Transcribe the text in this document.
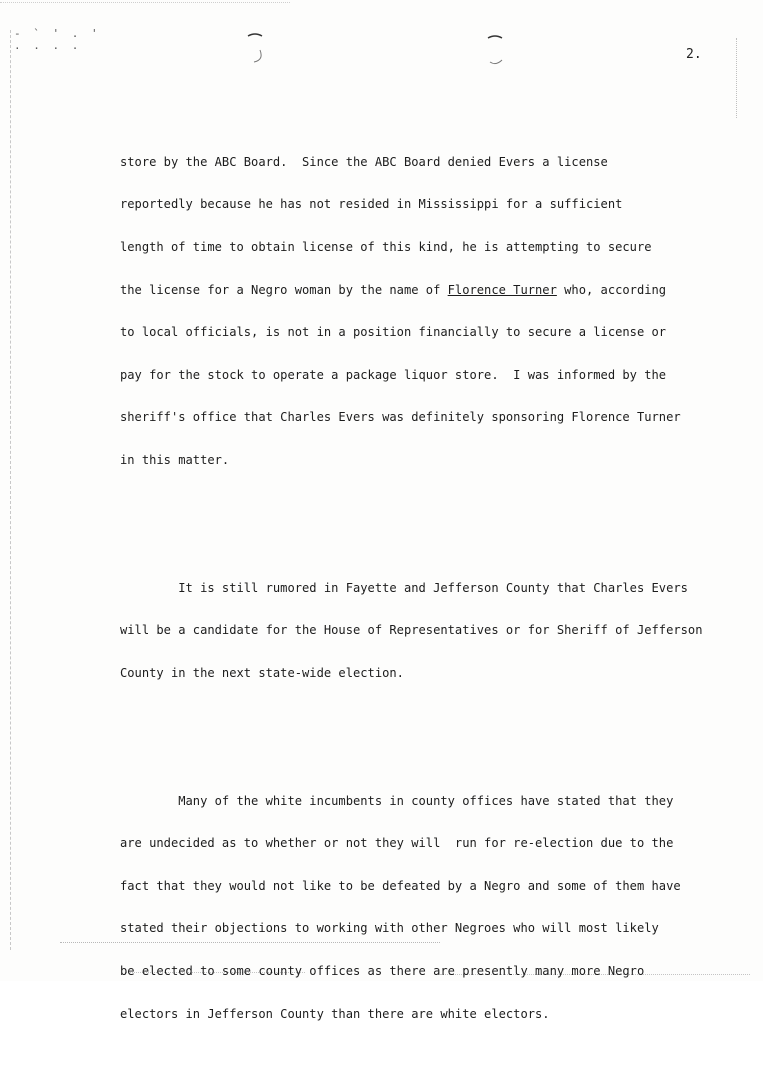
- ` ' . '
. . . .
2.

store by the ABC Board.  Since the ABC Board denied Evers a license

reportedly because he has not resided in Mississippi for a sufficient

length of time to obtain license of this kind, he is attempting to secure

the license for a Negro woman by the name of Florence Turner who, according

to local officials, is not in a position financially to secure a license or

pay for the stock to operate a package liquor store.  I was informed by the

sheriff's office that Charles Evers was definitely sponsoring Florence Turner

in this matter.

It is still rumored in Fayette and Jefferson County that Charles Evers

will be a candidate for the House of Representatives or for Sheriff of Jefferson

County in the next state-wide election.

Many of the white incumbents in county offices have stated that they

are undecided as to whether or not they will  run for re-election due to the

fact that they would not like to be defeated by a Negro and some of them have

stated their objections to working with other Negroes who will most likely

be elected to some county offices as there are presently many more Negro

electors in Jefferson County than there are white electors.
